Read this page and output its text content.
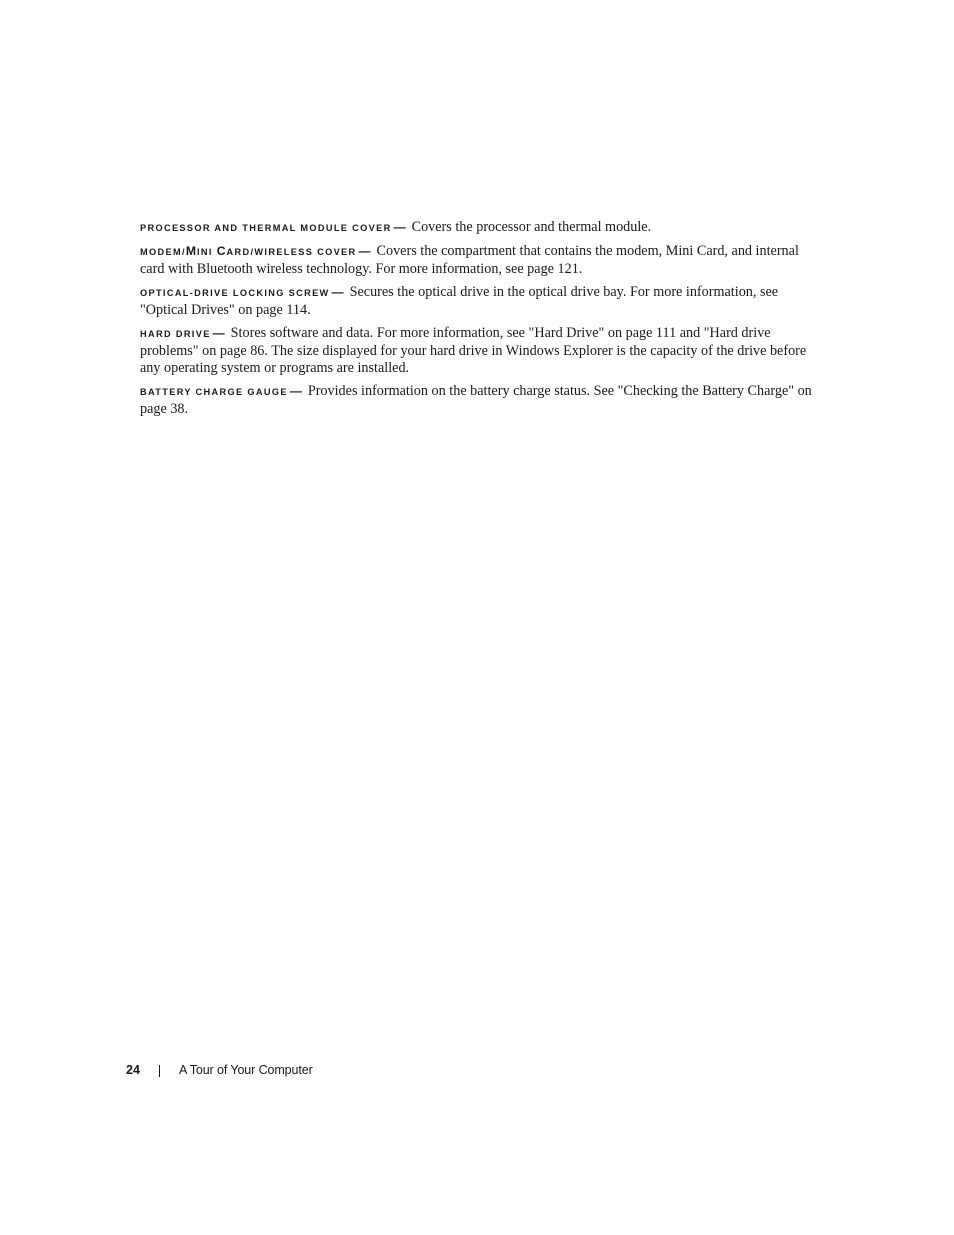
PROCESSOR AND THERMAL MODULE COVER — Covers the processor and thermal module.

MODEM/MINI CARD/WIRELESS COVER — Covers the compartment that contains the modem, Mini Card, and internal card with Bluetooth wireless technology. For more information, see page 121.

OPTICAL-DRIVE LOCKING SCREW — Secures the optical drive in the optical drive bay. For more information, see "Optical Drives" on page 114.

HARD DRIVE — Stores software and data. For more information, see "Hard Drive" on page 111 and "Hard drive problems" on page 86. The size displayed for your hard drive in Windows Explorer is the capacity of the drive before any operating system or programs are installed.

BATTERY CHARGE GAUGE — Provides information on the battery charge status. See "Checking the Battery Charge" on page 38.

24	A Tour of Your Computer
